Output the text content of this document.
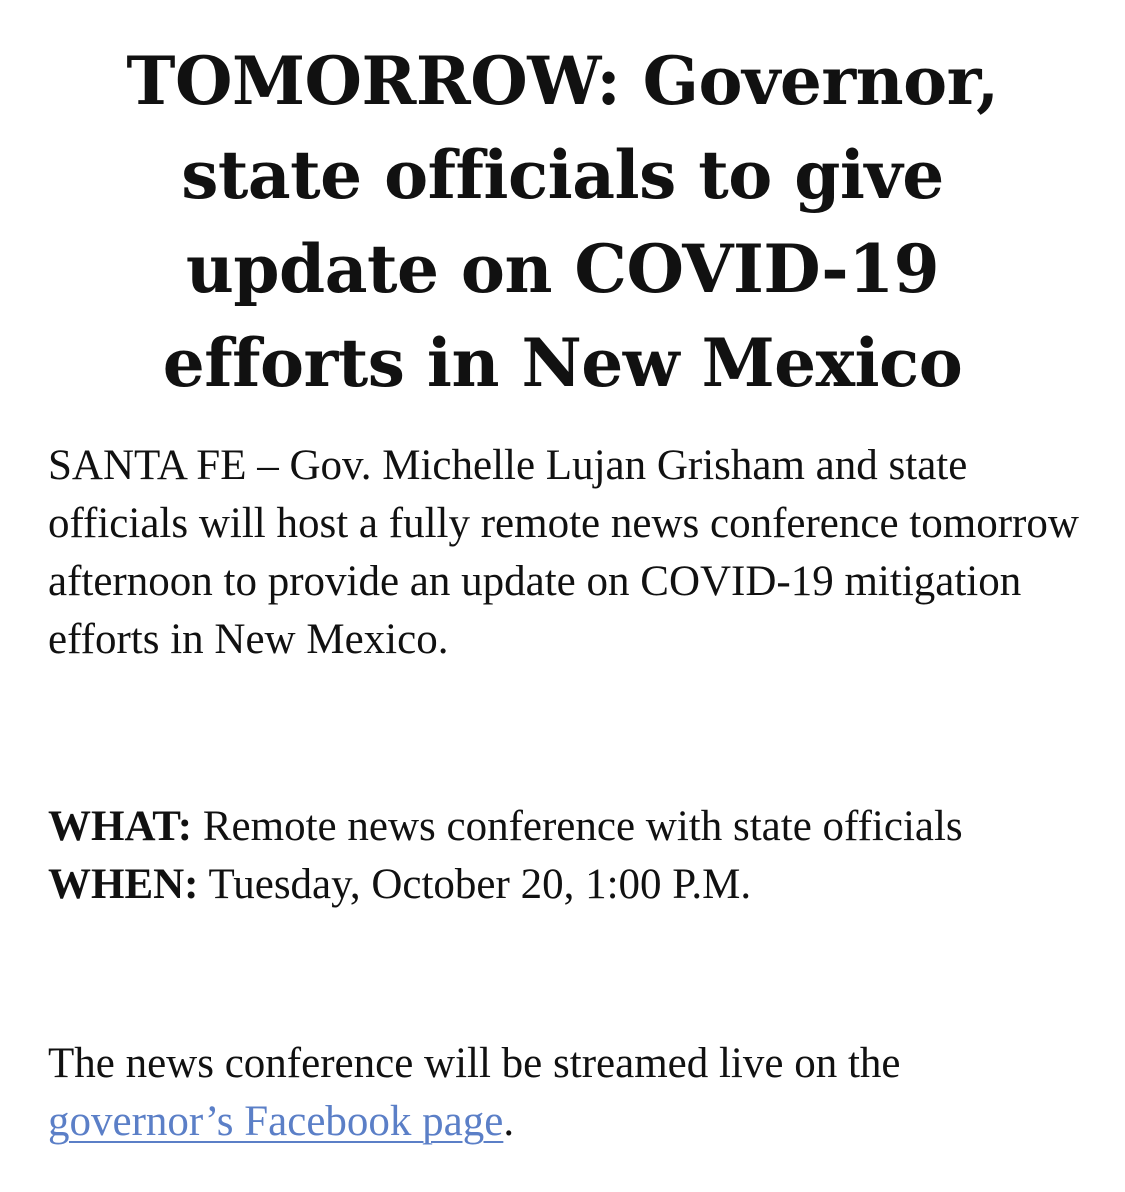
TOMORROW: Governor, state officials to give update on COVID-19 efforts in New Mexico

SANTA FE – Gov. Michelle Lujan Grisham and state officials will host a fully remote news conference tomorrow afternoon to provide an update on COVID-19 mitigation efforts in New Mexico.

WHAT: Remote news conference with state officials
WHEN: Tuesday, October 20, 1:00 P.M.

The news conference will be streamed live on the governor’s Facebook page.
